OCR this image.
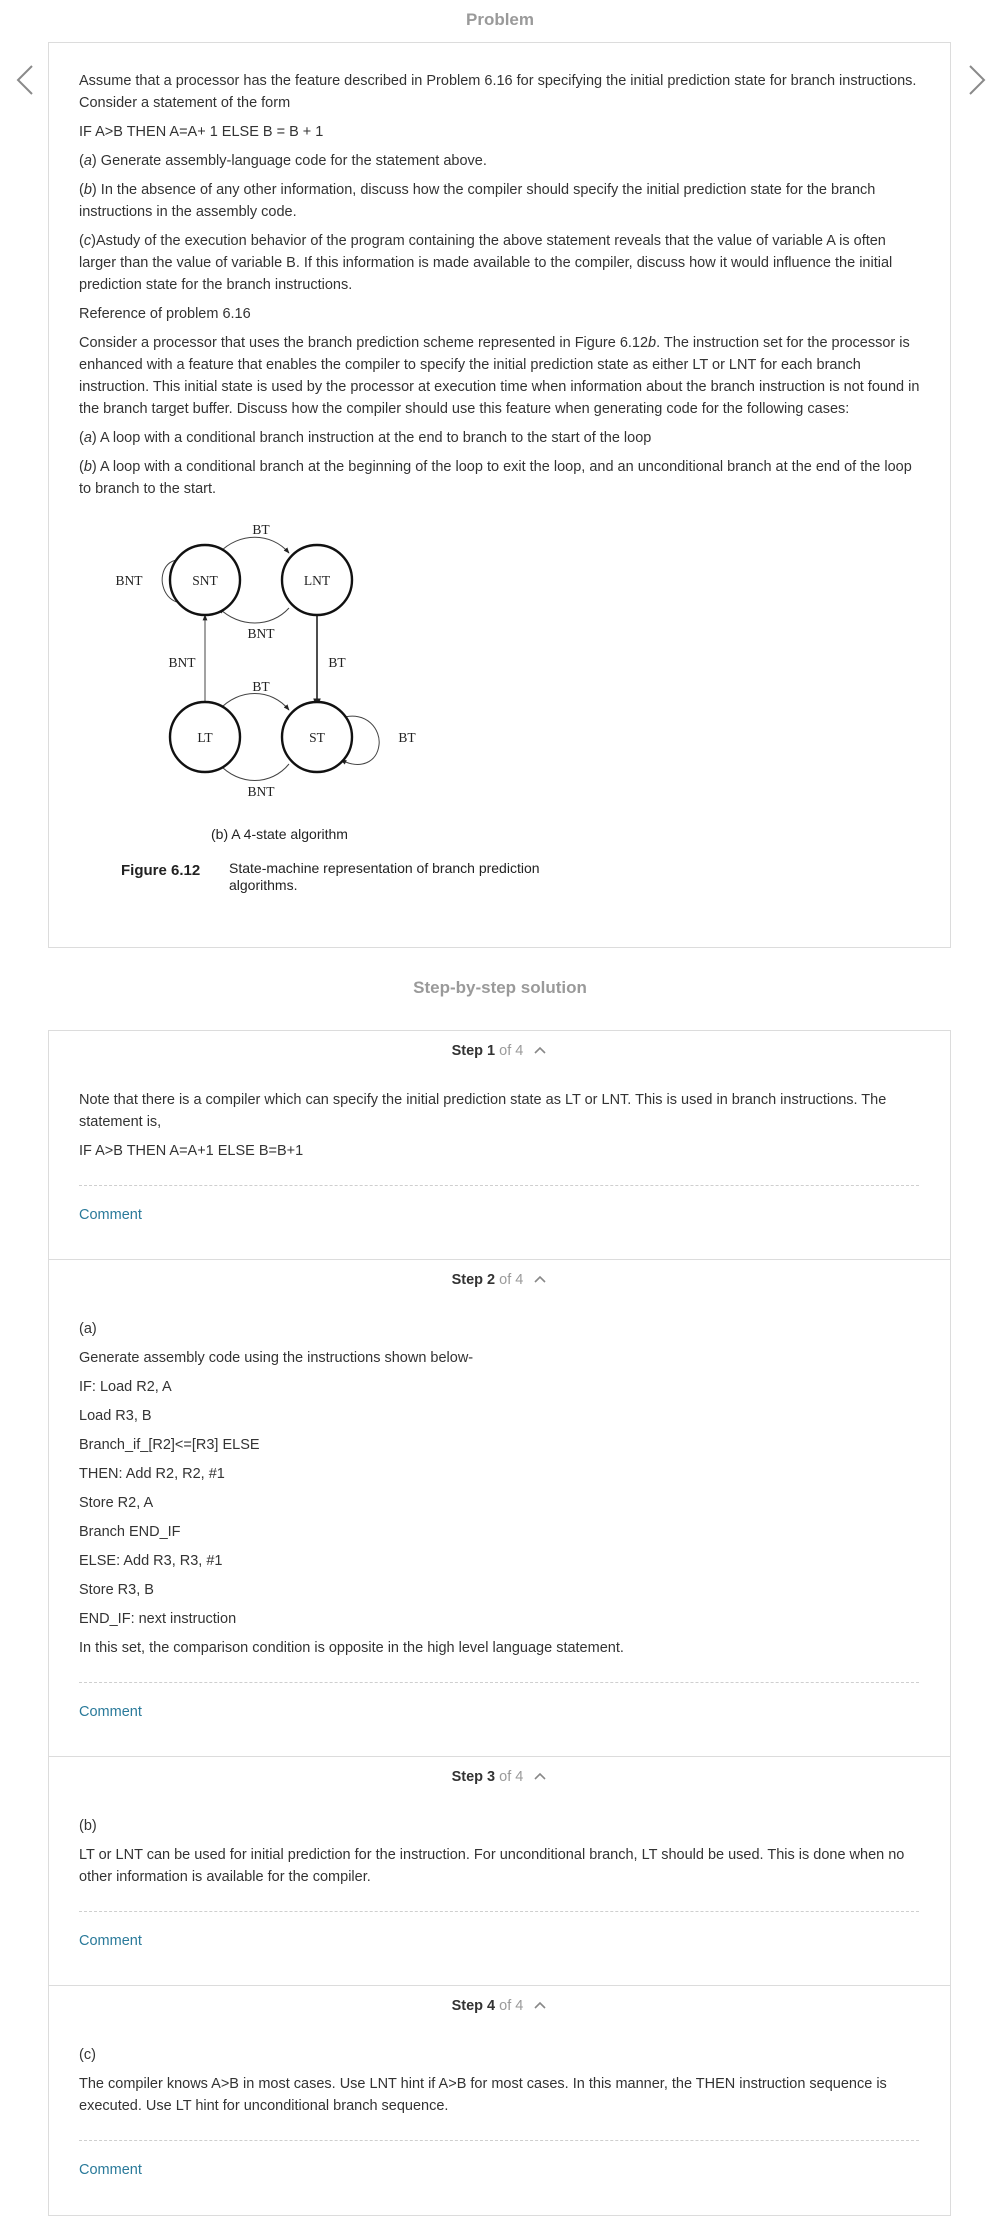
Problem

Assume that a processor has the feature described in Problem 6.16 for specifying the initial prediction state for branch instructions. Consider a statement of the form

IF A>B THEN A=A+ 1 ELSE B = B + 1

(a) Generate assembly-language code for the statement above.

(b) In the absence of any other information, discuss how the compiler should specify the initial prediction state for the branch instructions in the assembly code.

(c)Astudy of the execution behavior of the program containing the above statement reveals that the value of variable A is often larger than the value of variable B. If this information is made available to the compiler, discuss how it would influence the initial prediction state for the branch instructions.

Reference of problem 6.16

Consider a processor that uses the branch prediction scheme represented in Figure 6.12b. The instruction set for the processor is enhanced with a feature that enables the compiler to specify the initial prediction state as either LT or LNT for each branch instruction. This initial state is used by the processor at execution time when information about the branch instruction is not found in the branch target buffer. Discuss how the compiler should use this feature when generating code for the following cases:

(a) A loop with a conditional branch instruction at the end to branch to the start of the loop

(b) A loop with a conditional branch at the beginning of the loop to exit the loop, and an unconditional branch at the end of the loop to branch to the start.

SNT	LNT
LT	ST
BNT
BT
BNT
BNT	BT
BT
BNT
BT
(b) A 4-state algorithm
Figure 6.12 State-machine representation of branch prediction algorithms.
Step-by-step solution
Step 1 of 4

Note that there is a compiler which can specify the initial prediction state as LT or LNT. This is used in branch instructions. The statement is,

IF A>B THEN A=A+1 ELSE B=B+1

Comment
Step 2 of 4

(a)

Generate assembly code using the instructions shown below-

IF: Load R2, A

Load R3, B

Branch_if_[R2]<=[R3] ELSE

THEN: Add R2, R2, #1

Store R2, A

Branch END_IF

ELSE: Add R3, R3, #1

Store R3, B

END_IF: next instruction

In this set, the comparison condition is opposite in the high level language statement.

Comment
Step 3 of 4

(b)

LT or LNT can be used for initial prediction for the instruction. For unconditional branch, LT should be used. This is done when no other information is available for the compiler.

Comment
Step 4 of 4

(c)

The compiler knows A>B in most cases. Use LNT hint if A>B for most cases. In this manner, the THEN instruction sequence is executed. Use LT hint for unconditional branch sequence.

Comment
